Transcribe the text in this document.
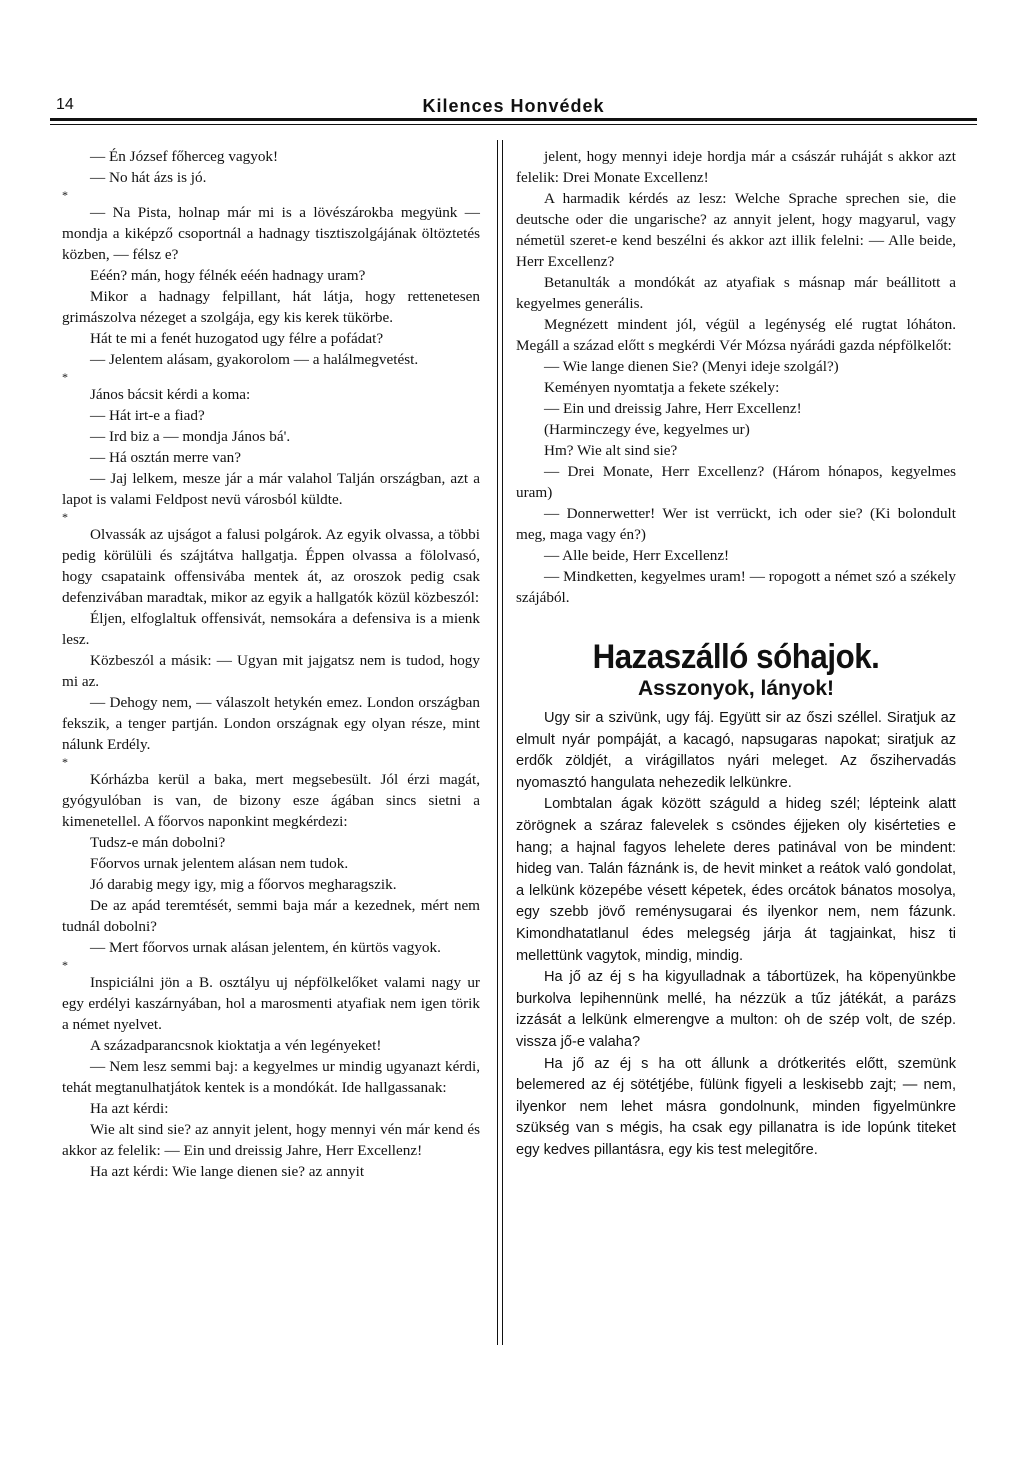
14	Kilences Honvédek

— Én József főherceg vagyok!

— No hát ázs is jó.

*

— Na Pista, holnap már mi is a lövészárokba megyünk — mondja a kiképző csoportnál a hadnagy tisztiszolgájának öltöztetés közben, — félsz e?

Eéén? mán, hogy félnék eéén hadnagy uram?

Mikor a hadnagy felpillant, hát látja, hogy rettenetesen grimászolva nézeget a szolgája, egy kis kerek tükörbe.

Hát te mi a fenét huzogatod ugy félre a pofádat?

— Jelentem alásam, gyakorolom — a halálmegvetést.

*

János bácsit kérdi a koma:

— Hát irt-e a fiad?

— Ird biz a — mondja János bá'.

— Há osztán merre van?

— Jaj lelkem, mesze jár a már valahol Talján országban, azt a lapot is valami Feldpost nevü városból küldte.

*

Olvassák az ujságot a falusi polgárok. Az egyik olvassa, a többi pedig körülüli és szájtátva hallgatja. Éppen olvassa a fölolvasó, hogy csapataink offensivába mentek át, az oroszok pedig csak defenzivában maradtak, mikor az egyik a hallgatók közül közbeszól:

Éljen, elfoglaltuk offensivát, nemsokára a defensiva is a mienk lesz.

Közbeszól a másik: — Ugyan mit jajgatsz nem is tudod, hogy mi az.

— Dehogy nem, — válaszolt hetykén emez. London országban fekszik, a tenger partján. London országnak egy olyan része, mint nálunk Erdély.

*

Kórházba kerül a baka, mert megsebesült. Jól érzi magát, gyógyulóban is van, de bizony esze ágában sincs sietni a kimenetellel. A főorvos naponkint megkérdezi:

Tudsz-e mán dobolni?

Főorvos urnak jelentem alásan nem tudok.

Jó darabig megy igy, mig a főorvos megharagszik.

De az apád teremtését, semmi baja már a kezednek, mért nem tudnál dobolni?

— Mert főorvos urnak alásan jelentem, én kürtös vagyok.

*

Inspiciálni jön a B. osztályu uj népfölkelőket valami nagy ur egy erdélyi kaszárnyában, hol a marosmenti atyafiak nem igen törik a német nyelvet.

A századparancsnok kioktatja a vén legényeket!

— Nem lesz semmi baj: a kegyelmes ur mindig ugyanazt kérdi, tehát megtanulhatjátok kentek is a mondókát. Ide hallgassanak:

Ha azt kérdi:

Wie alt sind sie? az annyit jelent, hogy mennyi vén már kend és akkor az felelik: — Ein und dreissig Jahre, Herr Excellenz!

Ha azt kérdi: Wie lange dienen sie? az annyit

jelent, hogy mennyi ideje hordja már a császár ruháját s akkor azt felelik: Drei Monate Excellenz!

A harmadik kérdés az lesz: Welche Sprache sprechen sie, die deutsche oder die ungarische? az annyit jelent, hogy magyarul, vagy németül szeret-e kend beszélni és akkor azt illik felelni: — Alle beide, Herr Excellenz?

Betanulták a mondókát az atyafiak s másnap már beállitott a kegyelmes generális.

Megnézett mindent jól, végül a legénység elé rugtat lóháton. Megáll a század előtt s megkérdi Vér Mózsa nyárádi gazda népfölkelőt:

— Wie lange dienen Sie? (Menyi ideje szolgál?)

Keményen nyomtatja a fekete székely:

— Ein und dreissig Jahre, Herr Excellenz!

(Harminczegy éve, kegyelmes ur)

Hm? Wie alt sind sie?

— Drei Monate, Herr Excellenz? (Három hónapos, kegyelmes uram)

— Donnerwetter! Wer ist verrückt, ich oder sie? (Ki bolondult meg, maga vagy én?)

— Alle beide, Herr Excellenz!

— Mindketten, kegyelmes uram! — ropogott a német szó a székely szájából.

Hazaszálló sóhajok.
Asszonyok, lányok!

Ugy sir a szivünk, ugy fáj. Együtt sir az őszi széllel. Siratjuk az elmult nyár pompáját, a kacagó, napsugaras napokat; siratjuk az erdők zöldjét, a virágillatos nyári meleget. Az őszihervadás nyomasztó hangulata nehezedik lelkünkre.

Lombtalan ágak között száguld a hideg szél; lépteink alatt zörögnek a száraz falevelek s csöndes éjjeken oly kisérteties e hang; a hajnal fagyos lehelete deres patinával von be mindent: hideg van. Talán fáznánk is, de hevit minket a reátok való gondolat, a lelkünk közepébe vésett képetek, édes orcátok bánatos mosolya, egy szebb jövő reménysugarai és ilyenkor nem, nem fázunk. Kimondhatatlanul édes melegség járja át tagjainkat, hisz ti mellettünk vagytok, mindig, mindig.

Ha jő az éj s ha kigyulladnak a tábortüzek, ha köpenyünkbe burkolva lepihennünk mellé, ha nézzük a tűz játékát, a parázs izzását a lelkünk elmerengve a multon: oh de szép volt, de szép. vissza jő-e valaha?

Ha jő az éj s ha ott állunk a drótkerités előtt, szemünk belemered az éj sötétjébe, fülünk figyeli a leskisebb zajt; — nem, ilyenkor nem lehet másra gondolnunk, minden figyelmünkre szükség van s mégis, ha csak egy pillanatra is ide lopúnk titeket egy kedves pillantásra, egy kis test melegitőre.
